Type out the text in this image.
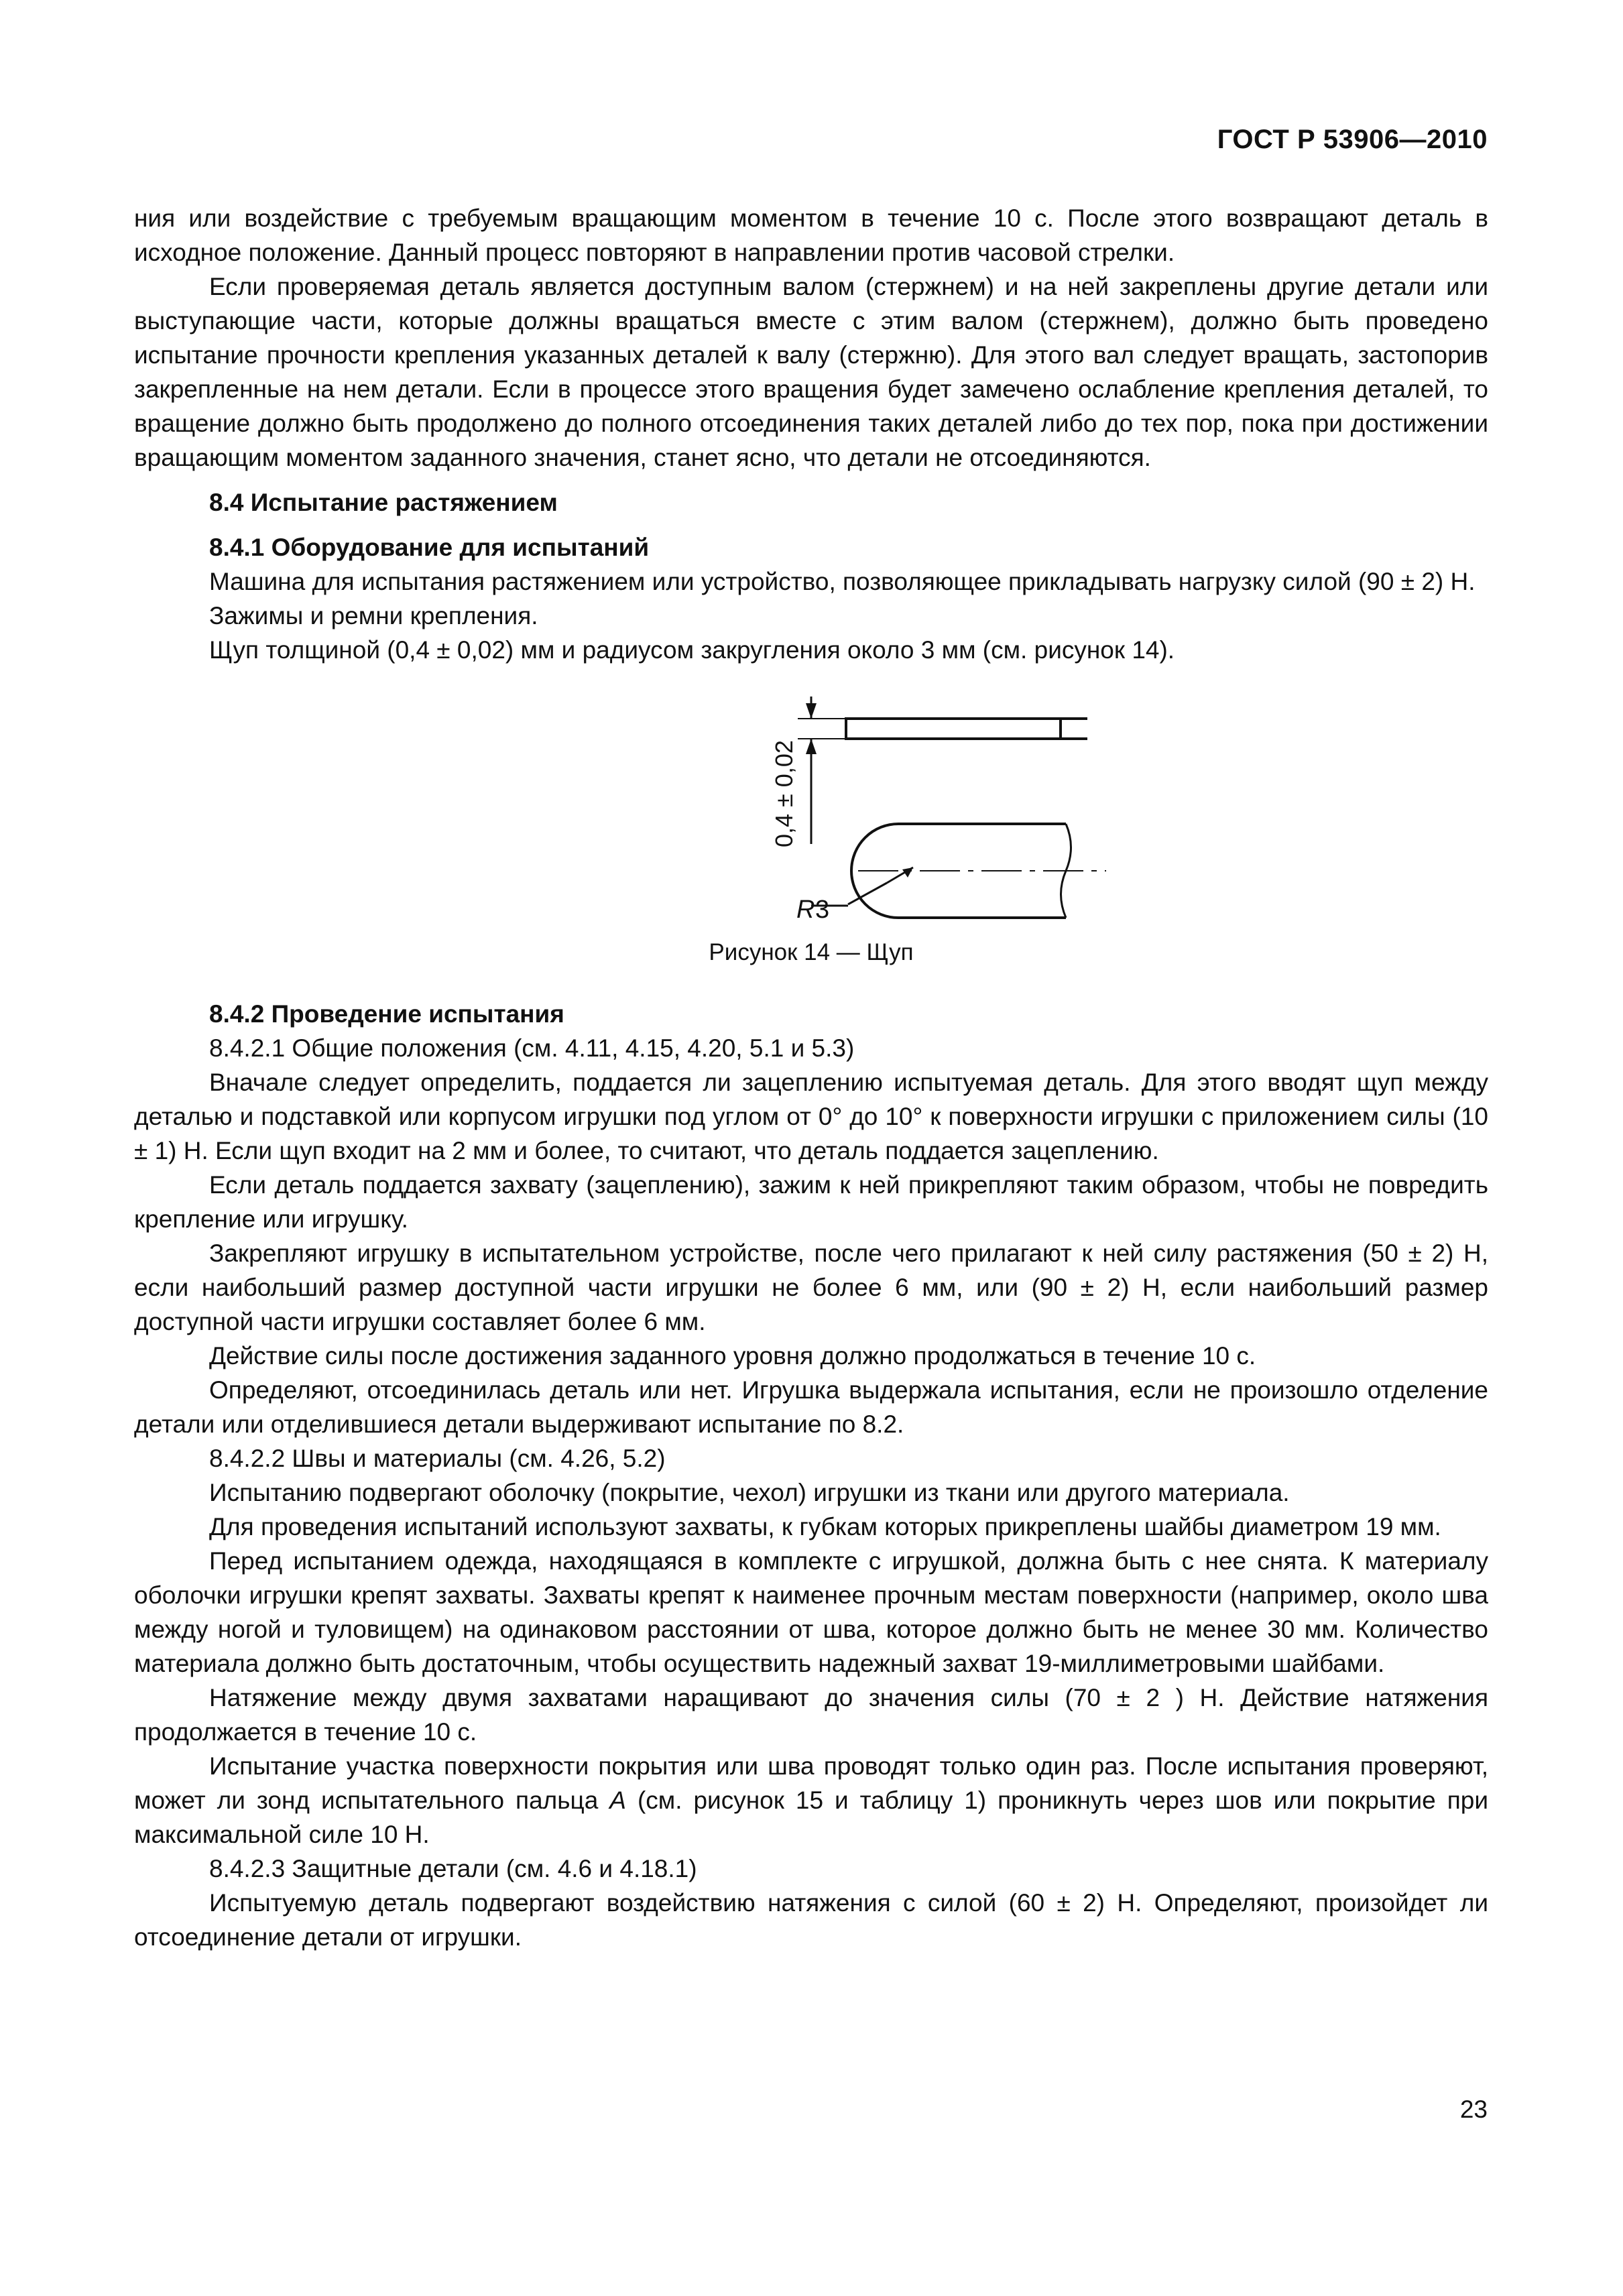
ГОСТ Р 53906—2010

ния или воздействие с требуемым вращающим моментом в течение 10 с. После этого возвращают деталь в исходное положение. Данный процесс повторяют в направлении против часовой стрелки.

Если проверяемая деталь является доступным валом (стержнем) и на ней закреплены другие детали или выступающие части, которые должны вращаться вместе с этим валом (стержнем), должно быть проведено испытание прочности крепления указанных деталей к валу (стержню). Для этого вал следует вращать, застопорив закрепленные на нем детали. Если в процессе этого вращения будет замечено ослабление крепления деталей, то вращение должно быть продолжено до полного отсоединения таких деталей либо до тех пор, пока при достижении вращающим моментом заданного значения, станет ясно, что детали не отсоединяются.

8.4 Испытание растяжением

8.4.1 Оборудование для испытаний

Машина для испытания растяжением или устройство, позволяющее прикладывать нагрузку силой (90 ± 2) Н.

Зажимы и ремни крепления.

Щуп толщиной (0,4 ± 0,02) мм и радиусом закругления около 3 мм (см. рисунок 14).

0,4 ± 0,02
R 3
Рисунок 14 — Щуп

8.4.2 Проведение испытания

8.4.2.1 Общие положения (см. 4.11, 4.15, 4.20, 5.1 и 5.3)

Вначале следует определить, поддается ли зацеплению испытуемая деталь. Для этого вводят щуп между деталью и подставкой или корпусом игрушки под углом от 0° до 10° к поверхности игрушки с приложением силы (10 ± 1) Н. Если щуп входит на 2 мм и более, то считают, что деталь поддается зацеплению.

Если деталь поддается захвату (зацеплению), зажим к ней прикрепляют таким образом, чтобы не повредить крепление или игрушку.

Закрепляют игрушку в испытательном устройстве, после чего прилагают к ней силу растяжения (50 ± 2) Н, если наибольший размер доступной части игрушки не более 6 мм, или (90 ± 2) Н, если наибольший размер доступной части игрушки составляет более 6 мм.

Действие силы после достижения заданного уровня должно продолжаться в течение 10 с.

Определяют, отсоединилась деталь или нет. Игрушка выдержала испытания, если не произошло отделение детали или отделившиеся детали выдерживают испытание по 8.2.

8.4.2.2 Швы и материалы (см. 4.26, 5.2)

Испытанию подвергают оболочку (покрытие, чехол) игрушки из ткани или другого материала.

Для проведения испытаний используют захваты, к губкам которых прикреплены шайбы диаметром 19 мм.

Перед испытанием одежда, находящаяся в комплекте с игрушкой, должна быть с нее снята. К материалу оболочки игрушки крепят захваты. Захваты крепят к наименее прочным местам поверхности (например, около шва между ногой и туловищем) на одинаковом расстоянии от шва, которое должно быть не менее 30 мм. Количество материала должно быть достаточным, чтобы осуществить надежный захват 19-миллиметровыми шайбами.

Натяжение между двумя захватами наращивают до значения силы (70 ± 2 ) Н. Действие натяжения продолжается в течение 10 с.

Испытание участка поверхности покрытия или шва проводят только один раз. После испытания проверяют, может ли зонд испытательного пальца А (см. рисунок 15 и таблицу 1) проникнуть через шов или покрытие при максимальной силе 10 Н.

8.4.2.3 Защитные детали (см. 4.6 и 4.18.1)

Испытуемую деталь подвергают воздействию натяжения с силой (60 ± 2) Н. Определяют, произойдет ли отсоединение детали от игрушки.

23
